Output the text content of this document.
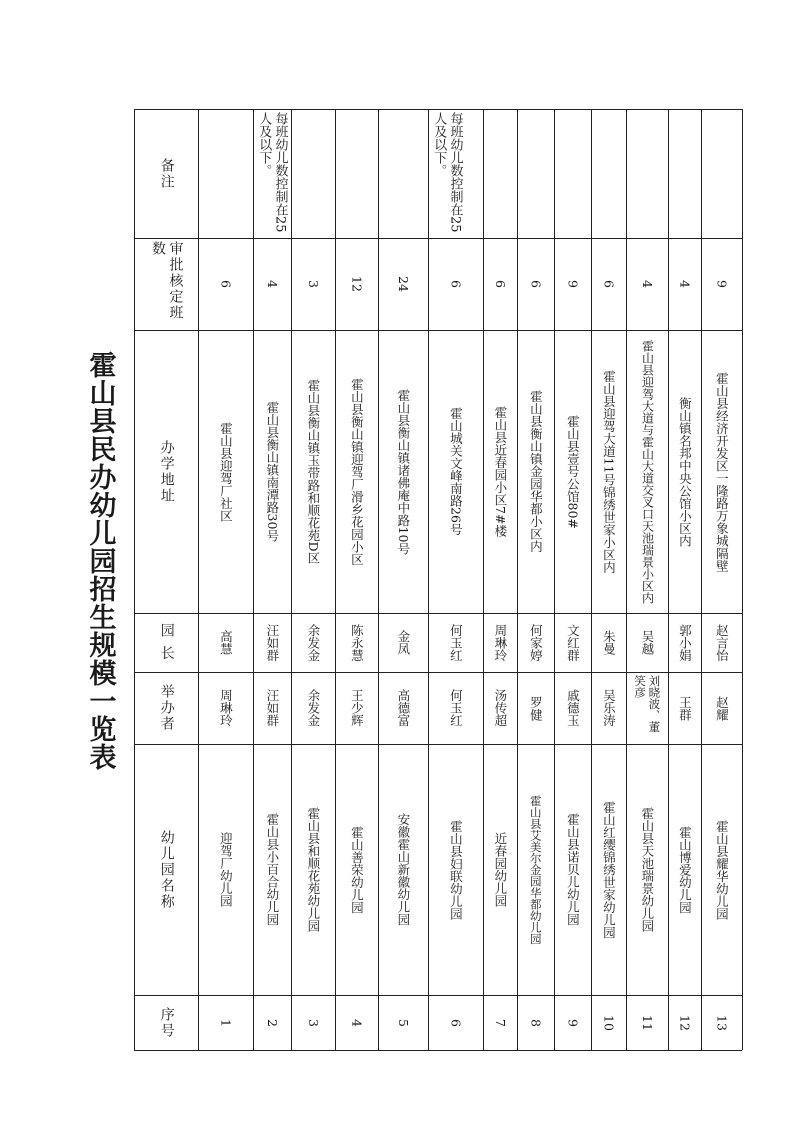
霍山县民办幼儿园招生规模一览表
备注
审批核定班数
办学地址
园 长
举办者
幼儿园名称
序号
6
霍山县迎驾厂社区
高慧
周琳玲
迎驾厂幼儿园
1
每班幼儿数控制在25人及以下。
4
霍山县衡山镇南潭路30号
汪如群
汪如群
霍山县小百合幼儿园
2
3
霍山县衡山镇玉带路和顺花苑D区
余发金
余发金
霍山县和顺花苑幼儿园
3
12
霍山县衡山镇迎驾厂滑乡花园小区
陈永慧
王少辉
霍山善荣幼儿园
4
24
霍山县衡山镇诸佛庵中路10号
金凤
高德富
安徽霍山新徽幼儿园
5
每班幼儿数控制在25人及以下。
6
霍山城关文峰南路26号
何玉红
何玉红
霍山县妇联幼儿园
6
6
霍山县近春园小区7#楼
周琳玲
汤传超
近春园幼儿园
7
6
霍山县衡山镇金园华都小区内
何家婷
罗健
霍山县艾美尔金园华都幼儿园
8
9
霍山县壹号公馆80#
文红群
戚德玉
霍山县诺贝儿幼儿园
9
6
霍山县迎驾大道11号锦绣世家小区内
朱曼
吴乐涛
霍山红缨锦绣世家幼儿园
10
4
霍山县迎驾大道与霍山大道交叉口天池瑞景小区内
吴越
刘晓波、董笑彦
霍山县天池瑞景幼儿园
11
4
衡山镇名邦中央公馆小区内
郭小娟
王群
霍山博爱幼儿园
12
9
霍山县经济开发区一隆路万象城隔壁
赵言怡
赵耀
霍山县耀华幼儿园
13
